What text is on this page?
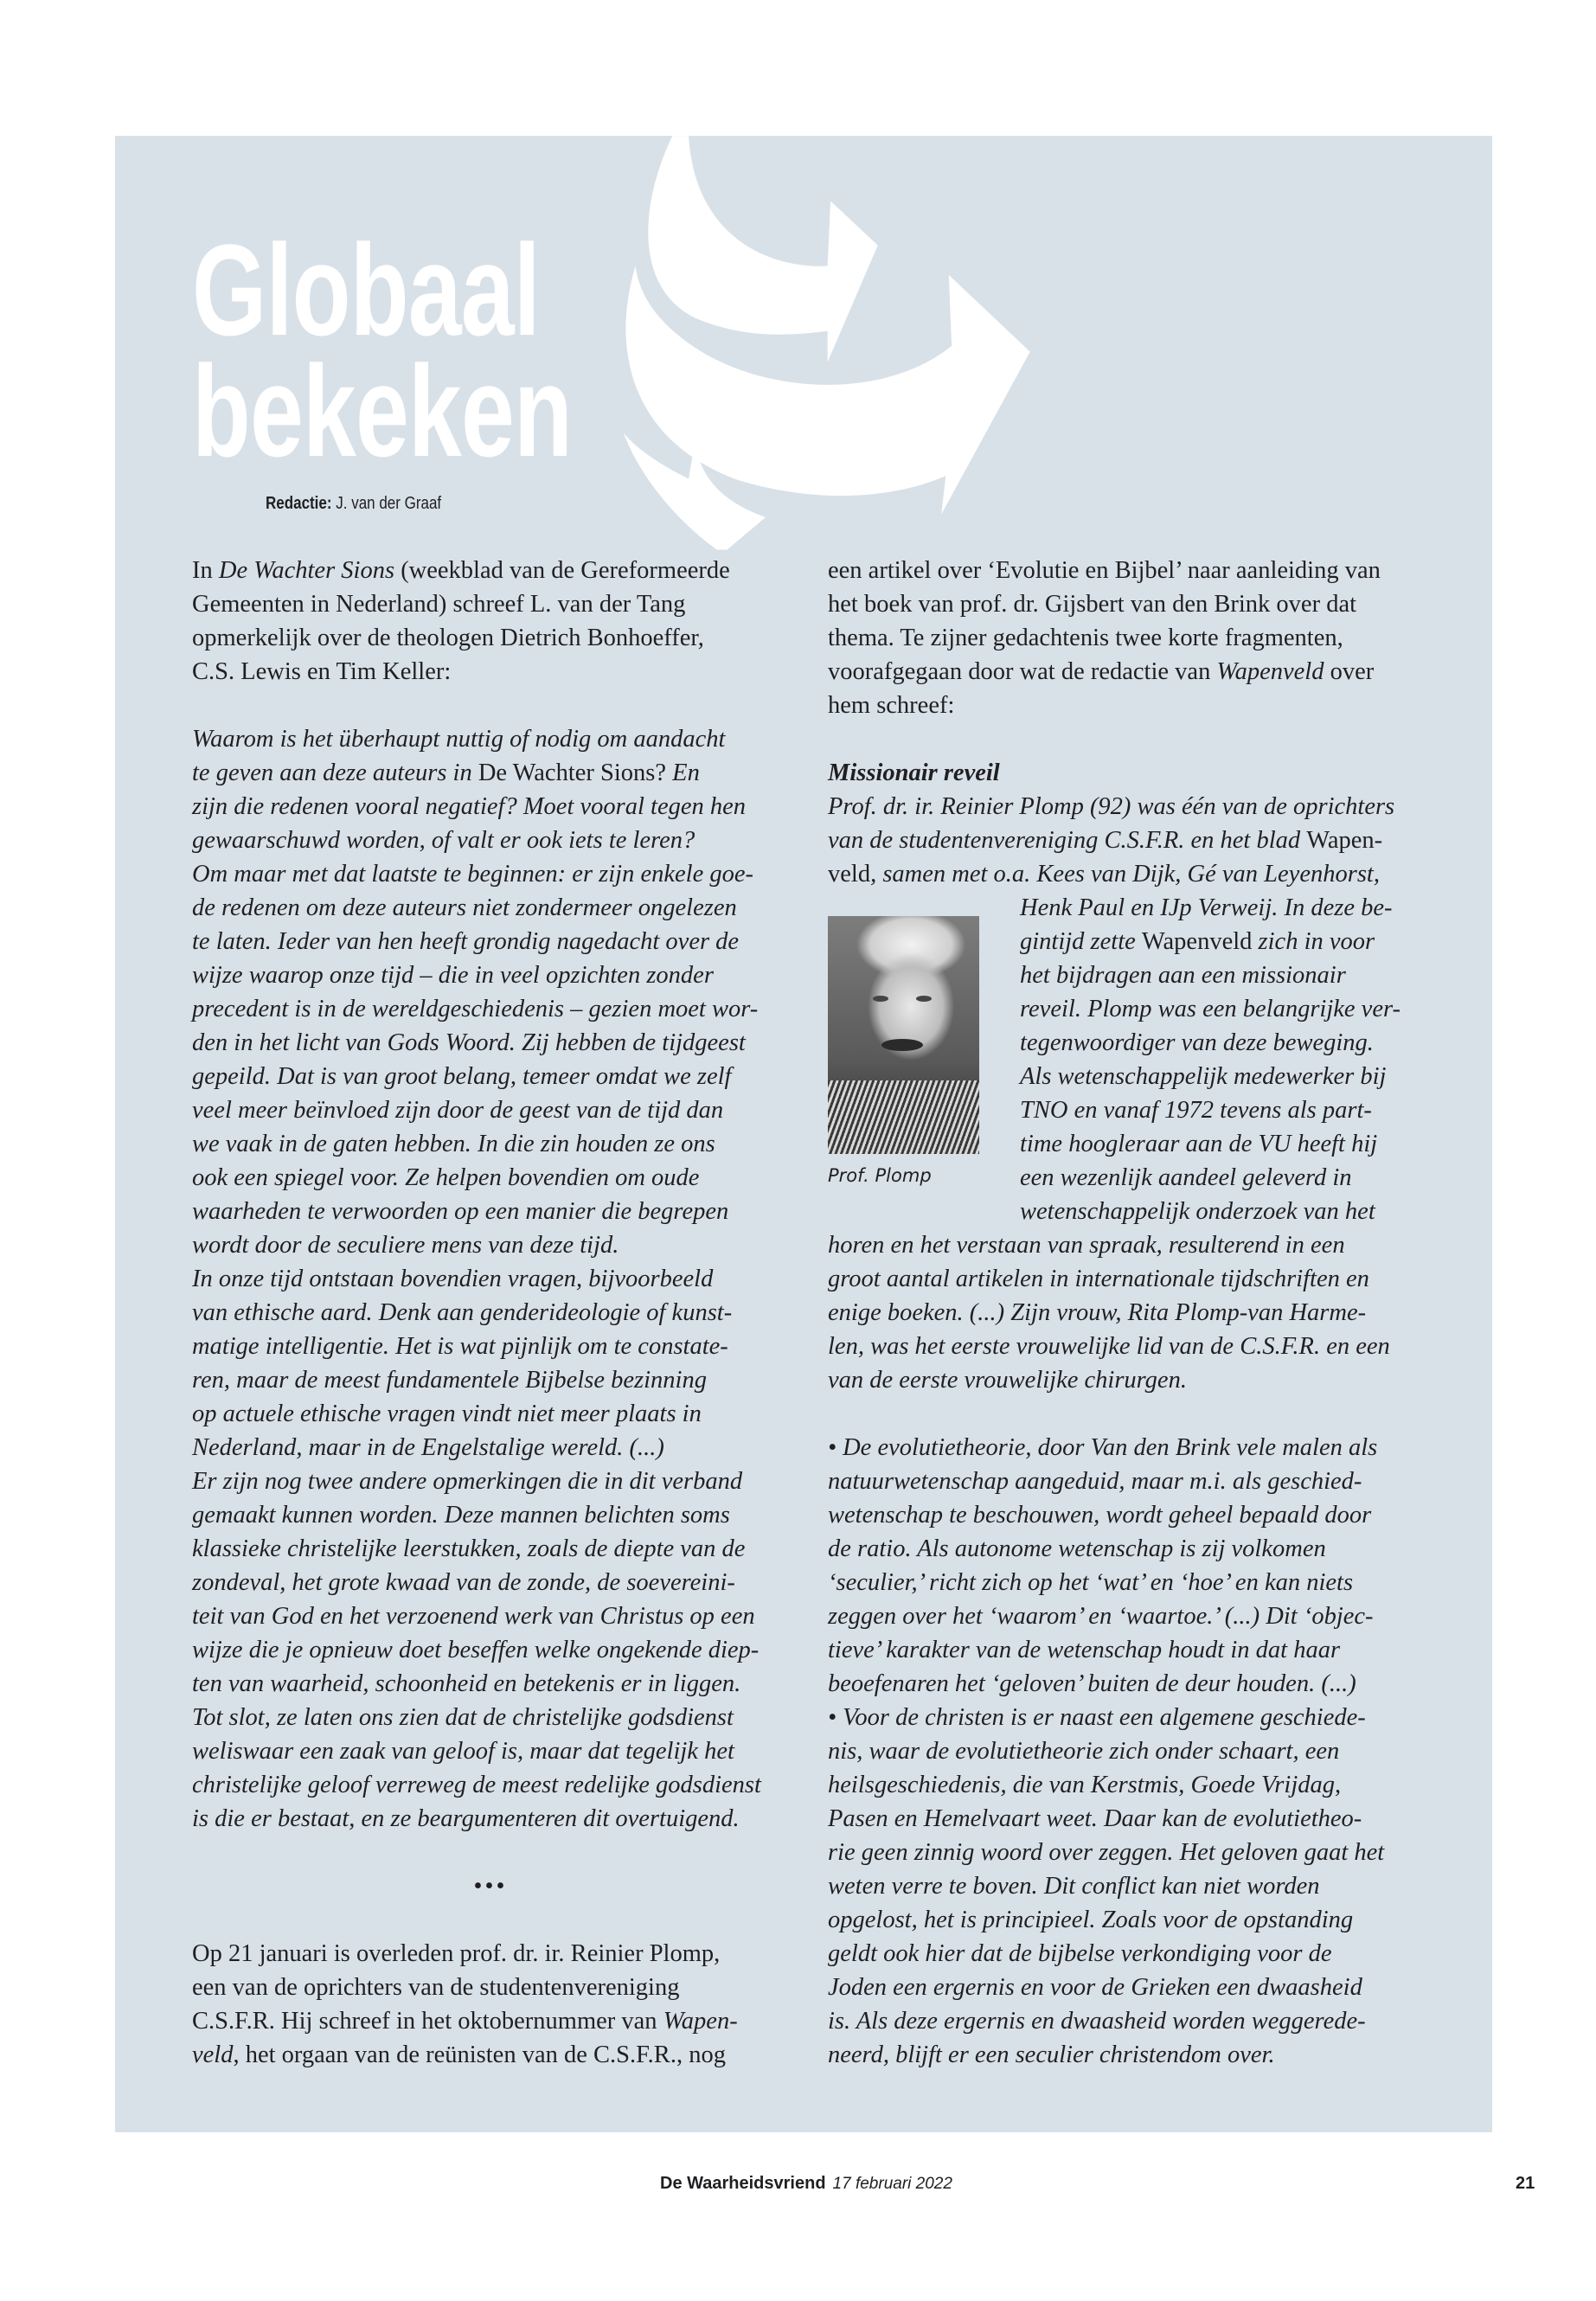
Globaal
bekeken
Redactie: J. van der Graaf
In De Wachter Sions (weekblad van de Gereformeerde
Gemeenten in Nederland) schreef L. van der Tang
opmerkelijk over de theologen Dietrich Bonhoeffer,
C.S. Lewis en Tim Keller:
Waarom is het überhaupt nuttig of nodig om aandacht
te geven aan deze auteurs in De Wachter Sions? En
zijn die redenen vooral negatief? Moet vooral tegen hen
gewaarschuwd worden, of valt er ook iets te leren?
Om maar met dat laatste te beginnen: er zijn enkele goe-
de redenen om deze auteurs niet zondermeer ongelezen
te laten. Ieder van hen heeft grondig nagedacht over de
wijze waarop onze tijd – die in veel opzichten zonder
precedent is in de wereldgeschiedenis – gezien moet wor-
den in het licht van Gods Woord. Zij hebben de tijdgeest
gepeild. Dat is van groot belang, temeer omdat we zelf
veel meer beïnvloed zijn door de geest van de tijd dan
we vaak in de gaten hebben. In die zin houden ze ons
ook een spiegel voor. Ze helpen bovendien om oude
waarheden te verwoorden op een manier die begrepen
wordt door de seculiere mens van deze tijd.
In onze tijd ontstaan bovendien vragen, bijvoorbeeld
van ethische aard. Denk aan genderideologie of kunst-
matige intelligentie. Het is wat pijnlijk om te constate-
ren, maar de meest fundamentele Bijbelse bezinning
op actuele ethische vragen vindt niet meer plaats in
Nederland, maar in de Engelstalige wereld. (...)
Er zijn nog twee andere opmerkingen die in dit verband
gemaakt kunnen worden. Deze mannen belichten soms
klassieke christelijke leerstukken, zoals de diepte van de
zondeval, het grote kwaad van de zonde, de soevereini-
teit van God en het verzoenend werk van Christus op een
wijze die je opnieuw doet beseffen welke ongekende diep-
ten van waarheid, schoonheid en betekenis er in liggen.
Tot slot, ze laten ons zien dat de christelijke godsdienst
weliswaar een zaak van geloof is, maar dat tegelijk het
christelijke geloof verreweg de meest redelijke godsdienst
is die er bestaat, en ze beargumenteren dit overtuigend.
•••
Op 21 januari is overleden prof. dr. ir. Reinier Plomp,
een van de oprichters van de studentenvereniging
C.S.F.R. Hij schreef in het oktobernummer van Wapen-
veld, het orgaan van de reünisten van de C.S.F.R., nog
een artikel over ‘Evolutie en Bijbel’ naar aanleiding van
het boek van prof. dr. Gijsbert van den Brink over dat
thema. Te zijner gedachtenis twee korte fragmenten,
voorafgegaan door wat de redactie van Wapenveld over
hem schreef:
Missionair reveil
Prof. dr. ir. Reinier Plomp (92) was één van de oprichters
van de studentenvereniging C.S.F.R. en het blad Wapen-
veld, samen met o.a. Kees van Dijk, Gé van Leyenhorst,
Henk Paul en IJp Verweij. In deze be-
gintijd zette Wapenveld zich in voor
het bijdragen aan een missionair
reveil. Plomp was een belangrijke ver-
tegenwoordiger van deze beweging.
Als wetenschappelijk medewerker bij
TNO en vanaf 1972 tevens als part-
time hoogleraar aan de VU heeft hij
een wezenlijk aandeel geleverd in
wetenschappelijk onderzoek van het
horen en het verstaan van spraak, resulterend in een
groot aantal artikelen in internationale tijdschriften en
enige boeken. (...) Zijn vrouw, Rita Plomp-van Harme-
len, was het eerste vrouwelijke lid van de C.S.F.R. en een
van de eerste vrouwelijke chirurgen.
• De evolutietheorie, door Van den Brink vele malen als
natuurwetenschap aangeduid, maar m.i. als geschied-
wetenschap te beschouwen, wordt geheel bepaald door
de ratio. Als autonome wetenschap is zij volkomen
‘seculier,’ richt zich op het ‘wat’ en ‘hoe’ en kan niets
zeggen over het ‘waarom’ en ‘waartoe.’ (...) Dit ‘objec-
tieve’ karakter van de wetenschap houdt in dat haar
beoefenaren het ‘geloven’ buiten de deur houden. (...)
• Voor de christen is er naast een algemene geschiede-
nis, waar de evolutietheorie zich onder schaart, een
heilsgeschiedenis, die van Kerstmis, Goede Vrijdag,
Pasen en Hemelvaart weet. Daar kan de evolutietheo-
rie geen zinnig woord over zeggen. Het geloven gaat het
weten verre te boven. Dit conflict kan niet worden
opgelost, het is principieel. Zoals voor de opstanding
geldt ook hier dat de bijbelse verkondiging voor de
Joden een ergernis en voor de Grieken een dwaasheid
is. Als deze ergernis en dwaasheid worden weggerede-
neerd, blijft er een seculier christendom over.
Prof. Plomp
De Waarheidsvriend 17 februari 2022	21
